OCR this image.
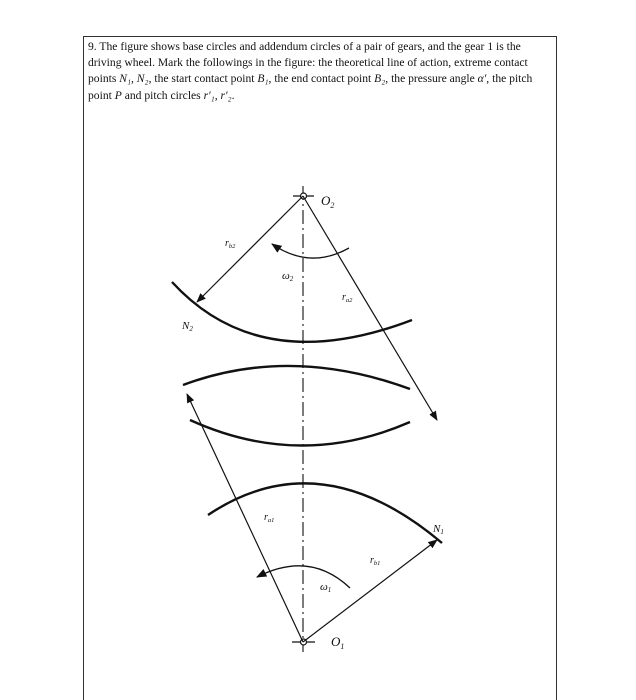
9. The figure shows base circles and addendum circles of a pair of gears, and the gear 1 is the driving wheel. Mark the followings in the figure: the theoretical line of action, extreme contact points N₁, N₂, the start contact point B₁, the end contact point B₂, the pressure angle α′, the pitch point P and pitch circles r′₁, r′₂.
$O_2$
$O_1$
$r_{b2}$
$r_{a2}$
$r_{a1}$
$r_{b1}$
ω2
ω1
N2
N1
